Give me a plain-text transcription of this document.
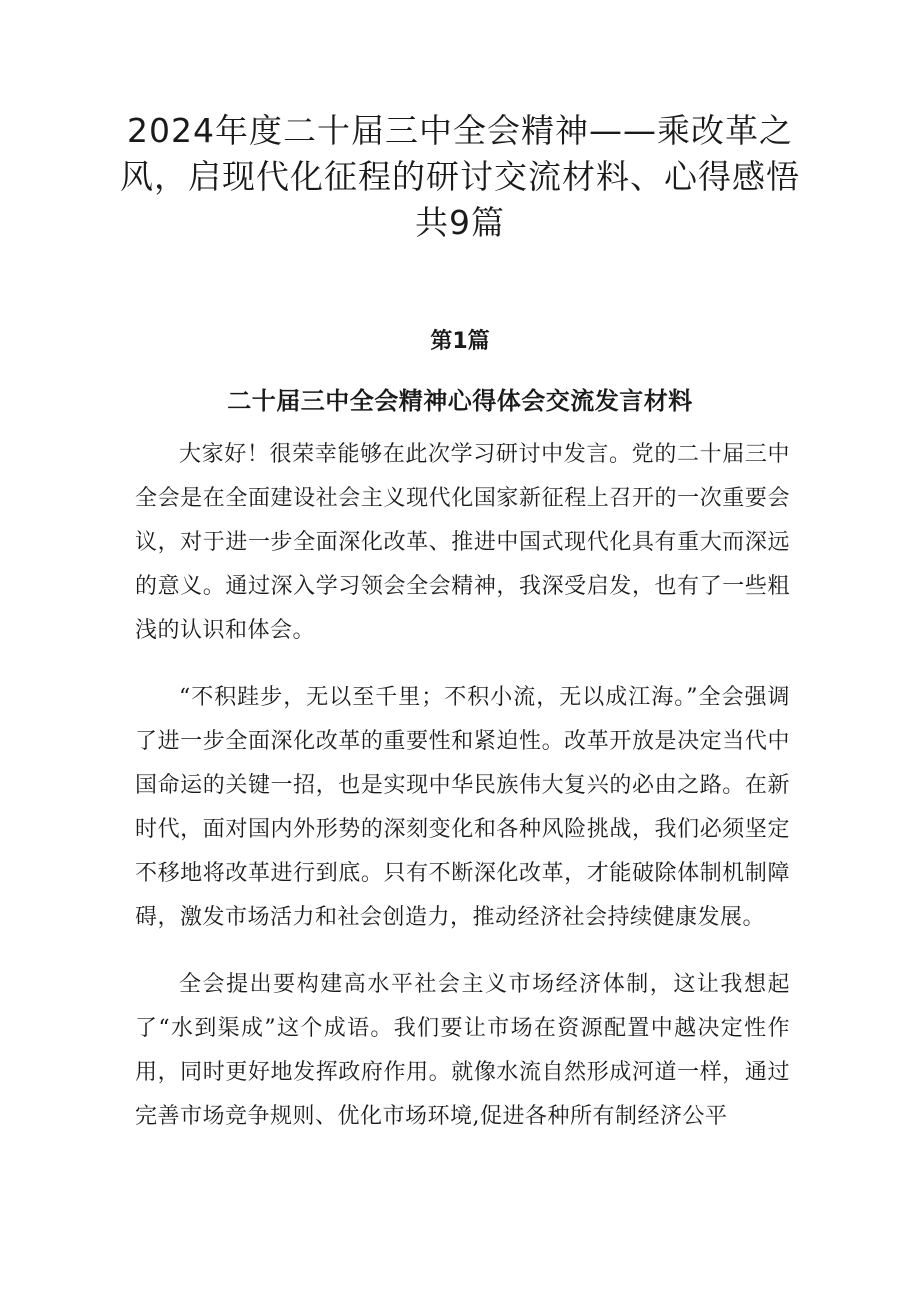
2024年度二十届三中全会精神——乘改革之风，启现代化征程的研讨交流材料、心得感悟共9篇
第1篇
二十届三中全会精神心得体会交流发言材料

大家好！很荣幸能够在此次学习研讨中发言。党的二十届三中全会是在全面建设社会主义现代化国家新征程上召开的一次重要会议，对于进一步全面深化改革、推进中国式现代化具有重大而深远的意义。通过深入学习领会全会精神，我深受启发，也有了一些粗浅的认识和体会。

“不积跬步，无以至千里；不积小流，无以成江海。”全会强调了进一步全面深化改革的重要性和紧迫性。改革开放是决定当代中国命运的关键一招，也是实现中华民族伟大复兴的必由之路。在新时代，面对国内外形势的深刻变化和各种风险挑战，我们必须坚定不移地将改革进行到底。只有不断深化改革，才能破除体制机制障碍，激发市场活力和社会创造力，推动经济社会持续健康发展。

全会提出要构建高水平社会主义市场经济体制，这让我想起了“水到渠成”这个成语。我们要让市场在资源配置中越决定性作用，同时更好地发挥政府作用。就像水流自然形成河道一样，通过完善市场竞争规则、优化市场环境,促进各种所有制经济公平
